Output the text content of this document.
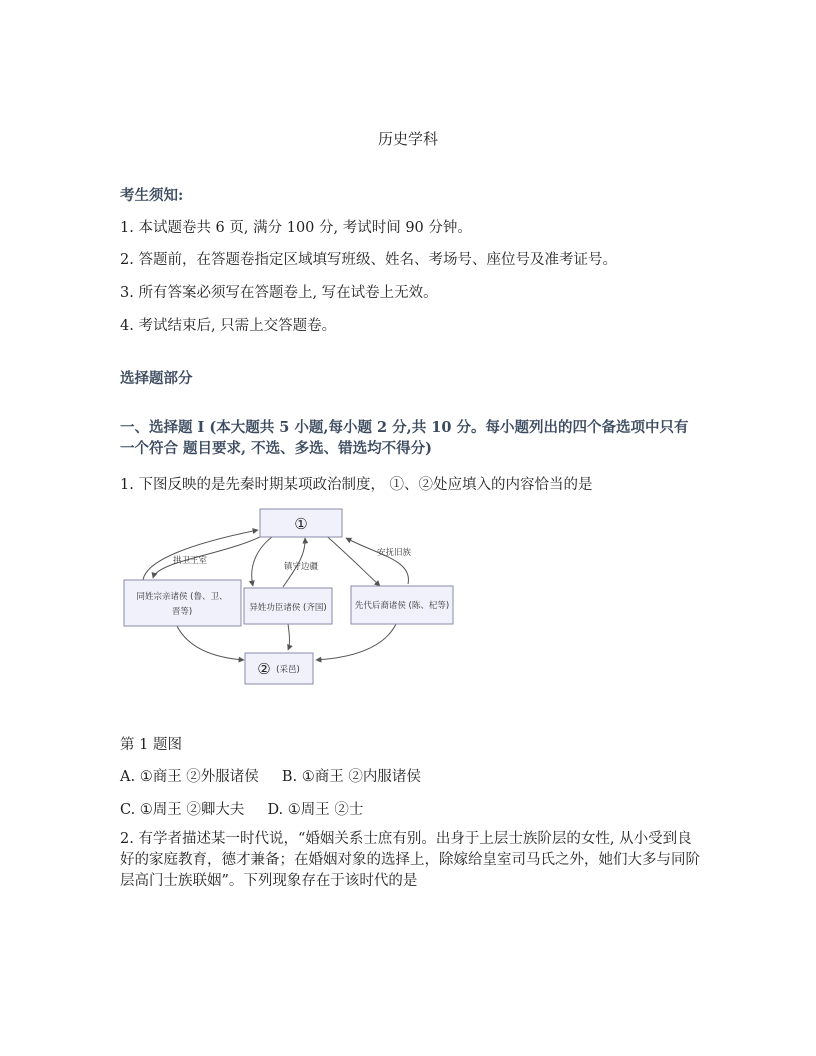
历史学科
考生须知:
1. 本试题卷共 6 页, 满分 100 分, 考试时间 90 分钟。
2. 答题前，在答题卷指定区域填写班级、姓名、考场号、座位号及准考证号。
3. 所有答案必须写在答题卷上, 写在试卷上无效。
4. 考试结束后, 只需上交答题卷。
选择题部分
一、选择题 I (本大题共 5 小题,每小题 2 分,共 10 分。每小题列出的四个备选项中只有一个符合 题目要求, 不选、多选、错选均不得分)
1. 下图反映的是先秦时期某项政治制度， ①、②处应填入的内容恰当的是
①
同姓宗亲诸侯 (鲁、卫、
晋等)	异姓功臣诸侯 (齐国)	先代后裔诸侯 (陈、杞等)
② (采邑)
拱卫王室
镇守边疆
安抚旧族
第 1 题图
A. ①商王 ②外服诸侯     B. ①商王 ②内服诸侯
C. ①周王 ②卿大夫     D. ①周王 ②士
2. 有学者描述某一时代说，“婚姻关系士庶有别。出身于上层士族阶层的女性, 从小受到良好的家庭教育，德才兼备；在婚姻对象的选择上，除嫁给皇室司马氏之外，她们大多与同阶层高门士族联姻”。下列现象存在于该时代的是
